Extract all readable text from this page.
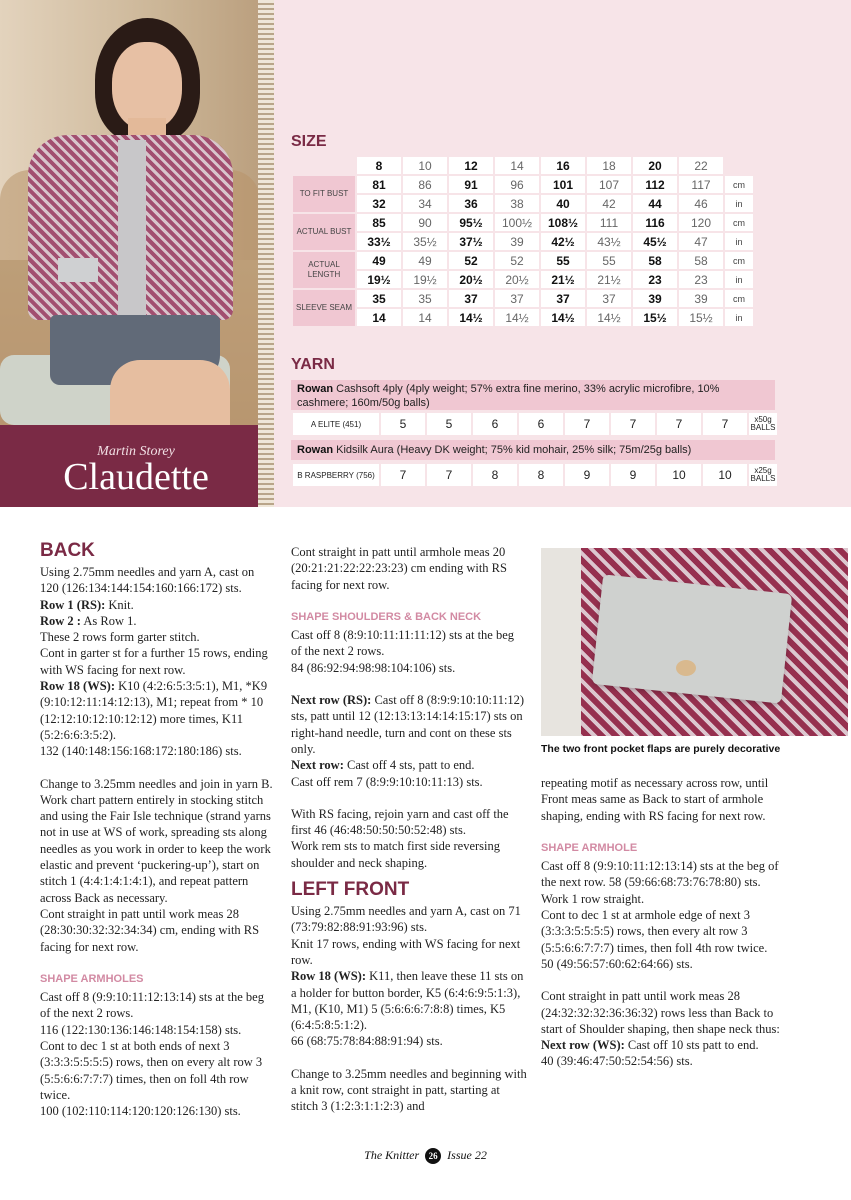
Martin Storey
Claudette
SIZE
	8	10	12	14	16	18	20	22	
TO FIT BUST	81	86	91	96	101	107	112	117	cm
	32	34	36	38	40	42	44	46	in
ACTUAL BUST	85	90	95½	100½	108½	111	116	120	cm
	33½	35½	37½	39	42½	43½	45½	47	in
ACTUAL LENGTH	49	49	52	52	55	55	58	58	cm
	19½	19½	20½	20½	21½	21½	23	23	in
SLEEVE SEAM	35	35	37	37	37	37	39	39	cm
	14	14	14½	14½	14½	14½	15½	15½	in
YARN
Rowan Cashsoft 4ply (4ply weight; 57% extra fine merino, 33% acrylic microfibre, 10% cashmere; 160m/50g balls)
A ELITE (451)	5	5	6	6	7	7	7	7	x50g BALLS
Rowan Kidsilk Aura (Heavy DK weight; 75% kid mohair, 25% silk; 75m/25g balls)
B RASPBERRY (756)	7	7	8	8	9	9	10	10	x25g BALLS

BACK

Using 2.75mm needles and yarn A, cast on 120 (126:134:144:154:160:166:172) sts.

Row 1 (RS): Knit.

Row 2 : As Row 1.

These 2 rows form garter stitch.

Cont in garter st for a further 15 rows, ending with WS facing for next row.

Row 18 (WS): K10 (4:2:6:5:3:5:1), M1, *K9 (9:10:12:11:14:12:13), M1; repeat from * 10 (12:12:10:12:10:12:12) more times, K11 (5:2:6:6:3:5:2).

132 (140:148:156:168:172:180:186) sts.

Change to 3.25mm needles and join in yarn B. Work chart pattern entirely in stocking stitch and using the Fair Isle technique (strand yarns not in use at WS of work, spreading sts along needles as you work in order to keep the work elastic and prevent ‘puckering-up’), start on stitch 1 (4:4:1:4:1:4:1), and repeat pattern across Back as necessary.

Cont straight in patt until work meas 28 (28:30:30:32:32:34:34) cm, ending with RS facing for next row.

SHAPE ARMHOLES

Cast off 8 (9:9:10:11:12:13:14) sts at the beg of the next 2 rows.

116 (122:130:136:146:148:154:158) sts.

Cont to dec 1 st at both ends of next 3 (3:3:3:5:5:5:5) rows, then on every alt row 3 (5:5:6:6:7:7:7) times, then on foll 4th row twice.

100 (102:110:114:120:120:126:130) sts.

Cont straight in patt until armhole meas 20 (20:21:21:22:22:23:23) cm ending with RS facing for next row.

SHAPE SHOULDERS & BACK NECK

Cast off 8 (8:9:10:11:11:11:12) sts at the beg of the next 2 rows.

84 (86:92:94:98:98:104:106) sts.

Next row (RS): Cast off 8 (8:9:9:10:10:11:12) sts, patt until 12 (12:13:13:14:14:15:17) sts on right-hand needle, turn and cont on these sts only.

Next row: Cast off 4 sts, patt to end.

Cast off rem 7 (8:9:9:10:10:11:13) sts.

With RS facing, rejoin yarn and cast off the first 46 (46:48:50:50:50:52:48) sts.

Work rem sts to match first side reversing shoulder and neck shaping.

LEFT FRONT

Using 2.75mm needles and yarn A, cast on 71 (73:79:82:88:91:93:96) sts.

Knit 17 rows, ending with WS facing for next row.

Row 18 (WS): K11, then leave these 11 sts on a holder for button border, K5 (6:4:6:9:5:1:3), M1, (K10, M1) 5 (5:6:6:6:7:8:8) times, K5 (6:4:5:8:5:1:2).

66 (68:75:78:84:88:91:94) sts.

Change to 3.25mm needles and beginning with a knit row, cont straight in patt, starting at stitch 3 (1:2:3:1:1:2:3) and

The two front pocket flaps are purely decorative

repeating motif as necessary across row, until Front meas same as Back to start of armhole shaping, ending with RS facing for next row.

SHAPE ARMHOLE

Cast off 8 (9:9:10:11:12:13:14) sts at the beg of the next row. 58 (59:66:68:73:76:78:80) sts.

Work 1 row straight.

Cont to dec 1 st at armhole edge of next 3 (3:3:3:5:5:5:5) rows, then every alt row 3 (5:5:6:6:7:7:7) times, then foll 4th row twice.

50 (49:56:57:60:62:64:66) sts.

Cont straight in patt until work meas 28 (24:32:32:32:36:36:32) rows less than Back to start of Shoulder shaping, then shape neck thus:

Next row (WS): Cast off 10 sts patt to end.

40 (39:46:47:50:52:54:56) sts.

The Knitter 26 Issue 22
